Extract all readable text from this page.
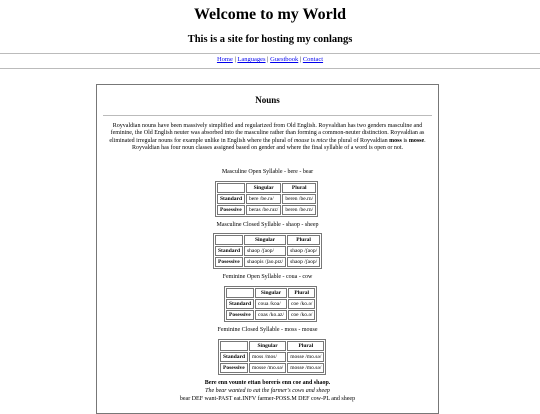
Welcome to my World
This is a site for hosting my conlangs
Home | Languages | Guestbook | Contact
Nouns

Royvaldian nouns have been massively simplified and regularized from Old English. Royvaldian has two genders masculine and feminine, the Old English neuter was absorbed into the masculine rather than forming a common-neuter distinction. Royvaldian as eliminated irregular nouns for example unlike in English where the plural of mouse is mice the plural of Royvaldian moss is mosse. Royvaldian has four noun classes assigned based on gender and where the final syllable of a word is open or not.

Masculine Open Syllable - bere - bear

	Singular	Plural
Standard	bere /be.rə/	beren /be.rn/
Posessive	beras /be.rəz/	beren /be.rn/

Masculine Closed Syllable - shaop - sheep

	Singular	Plural
Standard	shaop /ʃaop/	shaop /ʃaop/
Posessive	shaopis /ʃao.pɪz/	shaop /ʃaop/

Feminine Open Syllable - coua - cow

	Singular	Plural
Standard	coua /koa/	coe /ko.ə/
Posessive	coas /ko.az/	coe /ko.ə/

Feminine Closed Syllable - moss - mouse

	Singular	Plural
Standard	moss /mos/	mosse /mo.sə/
Posessive	mosse /mo.sə/	mosse /mo.sə/

Bere enn vounte ettan borerís enn coe and shaop.

The bear wanted to eat the farmer's cows and sheep

bear DEF want-PAST eat.INFV farmer-POSS.M DEF cow-PL and sheep
